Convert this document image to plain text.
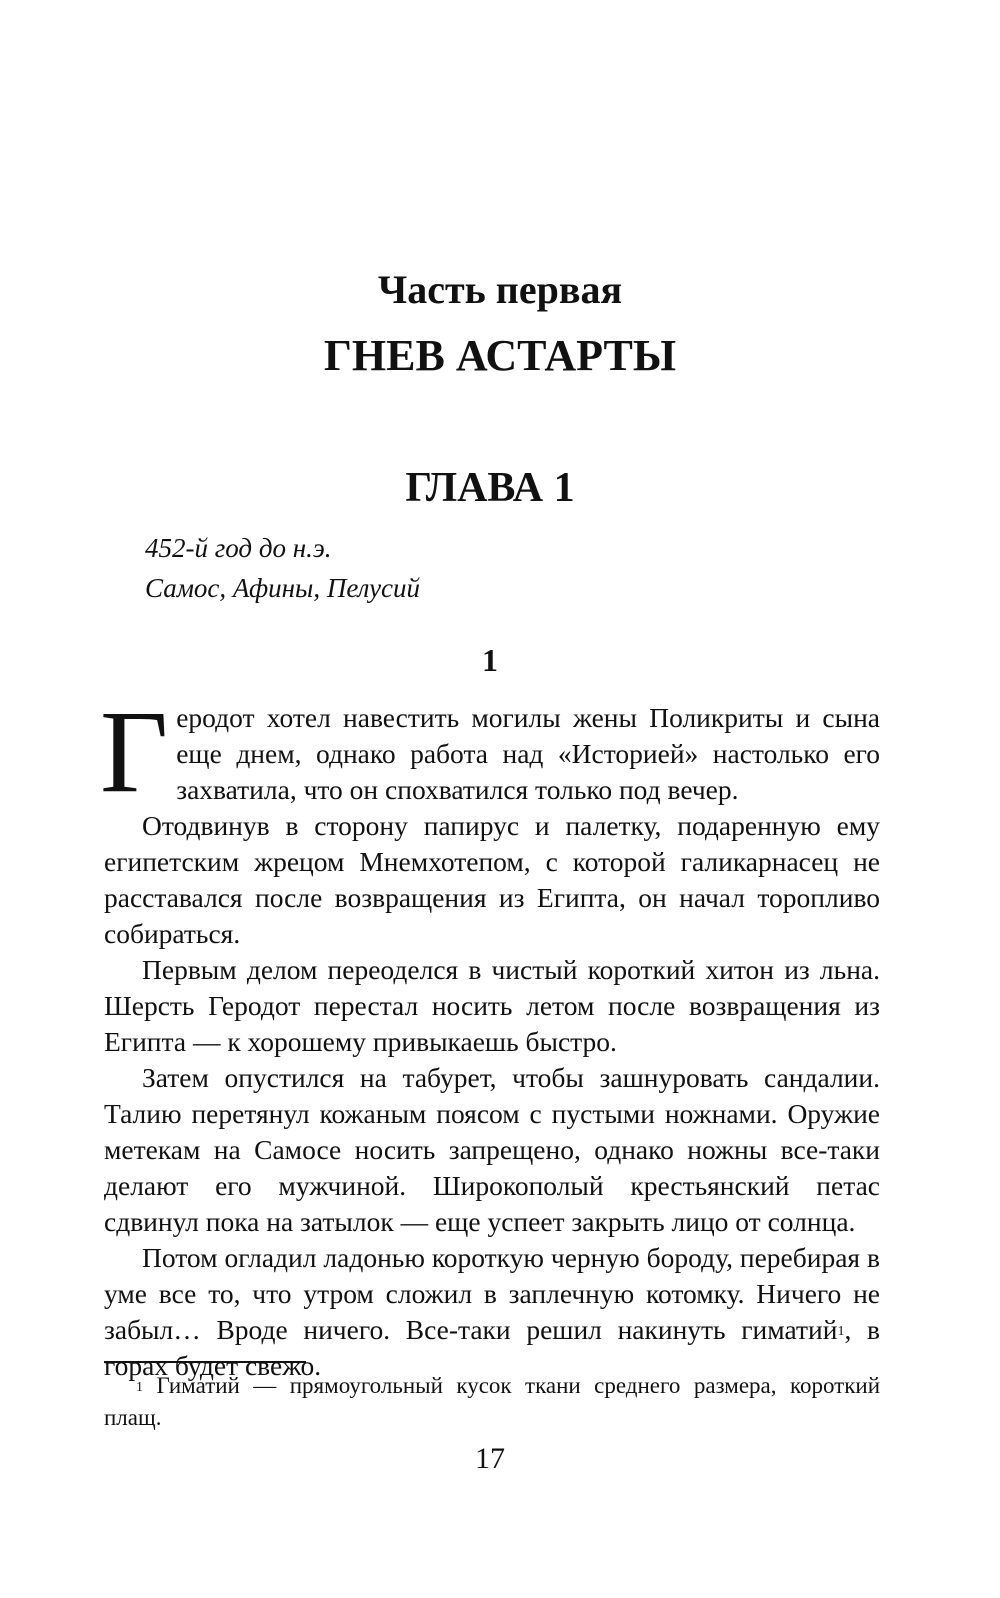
Часть первая
ГНЕВ АСТАРТЫ
ГЛАВА 1
452-й год до н.э.
Самос, Афины, Пелусий
1

Геродот хотел навестить могилы жены Поликриты и сына еще днем, однако работа над «Историей» настолько его захватила, что он спохватился только под вечер.

Отодвинув в сторону папирус и палетку, подаренную ему египетским жрецом Мнемхотепом, с которой галикарнасец не расставался после возвращения из Египта, он начал торопливо собираться.

Первым делом переоделся в чистый короткий хитон из льна. Шерсть Геродот перестал носить летом после возвращения из Египта — к хорошему привыкаешь быстро.

Затем опустился на табурет, чтобы зашнуровать сандалии. Талию перетянул кожаным поясом с пустыми ножнами. Оружие метекам на Самосе носить запрещено, однако ножны все-таки делают его мужчиной. Широкополый крестьянский петас сдвинул пока на затылок — еще успеет закрыть лицо от солнца.

Потом огладил ладонью короткую черную бороду, перебирая в уме все то, что утром сложил в заплечную котомку. Ничего не забыл… Вроде ничего. Все-таки решил накинуть гиматий$^1$, в горах будет свежо.

$^1$ Гиматий — прямоугольный кусок ткани среднего размера, короткий плащ.
17
